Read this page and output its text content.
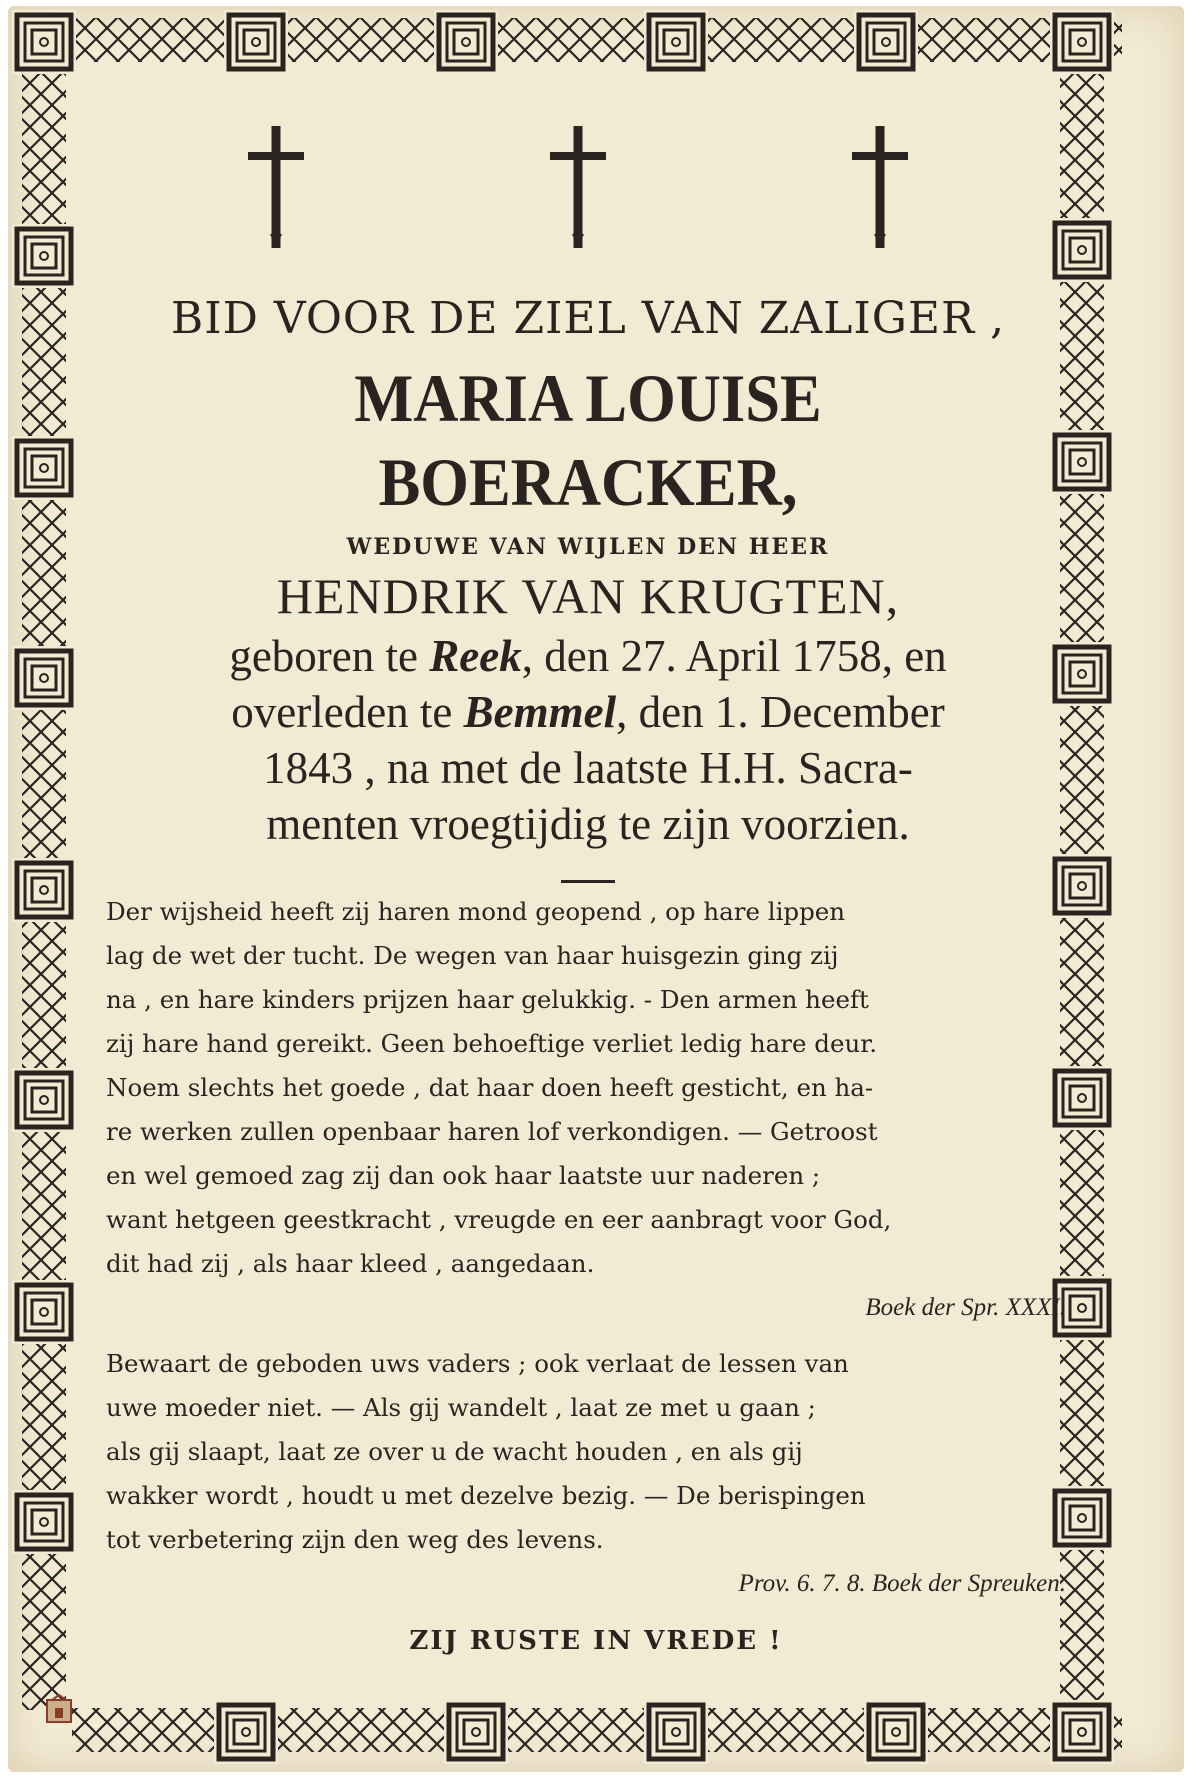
BID VOOR DE ZIEL VAN ZALIGER ,

MARIA LOUISE BOERACKER,

WEDUWE VAN WIJLEN DEN HEER

HENDRIK VAN KRUGTEN,

geboren te Reek, den 27. April 1758, en
overleden te Bemmel, den 1. December
1843 , na met de laatste H.H. Sacra-
menten vroegtijdig te zijn voorzien.
Der wijsheid heeft zij haren mond geopend , op hare lippen
lag de wet der tucht. De wegen van haar huisgezin ging zij
na , en hare kinders prijzen haar gelukkig. - Den armen heeft
zij hare hand gereikt. Geen behoeftige verliet ledig hare deur.
Noem slechts het goede , dat haar doen heeft gesticht, en ha-
re werken zullen openbaar haren lof verkondigen. — Getroost
en wel gemoed zag zij dan ook haar laatste uur naderen ;
want hetgeen geestkracht , vreugde en eer aanbragt voor God,
dit had zij , als haar kleed , aangedaan.
Boek der Spr. XXXI.
Bewaart de geboden uws vaders ; ook verlaat de lessen van
uwe moeder niet. — Als gij wandelt , laat ze met u gaan ;
als gij slaapt, laat ze over u de wacht houden , en als gij
wakker wordt , houdt u met dezelve bezig. — De berispingen
tot verbetering zijn den weg des levens.
Prov. 6. 7. 8. Boek der Spreuken.
ZIJ RUSTE IN VREDE !
